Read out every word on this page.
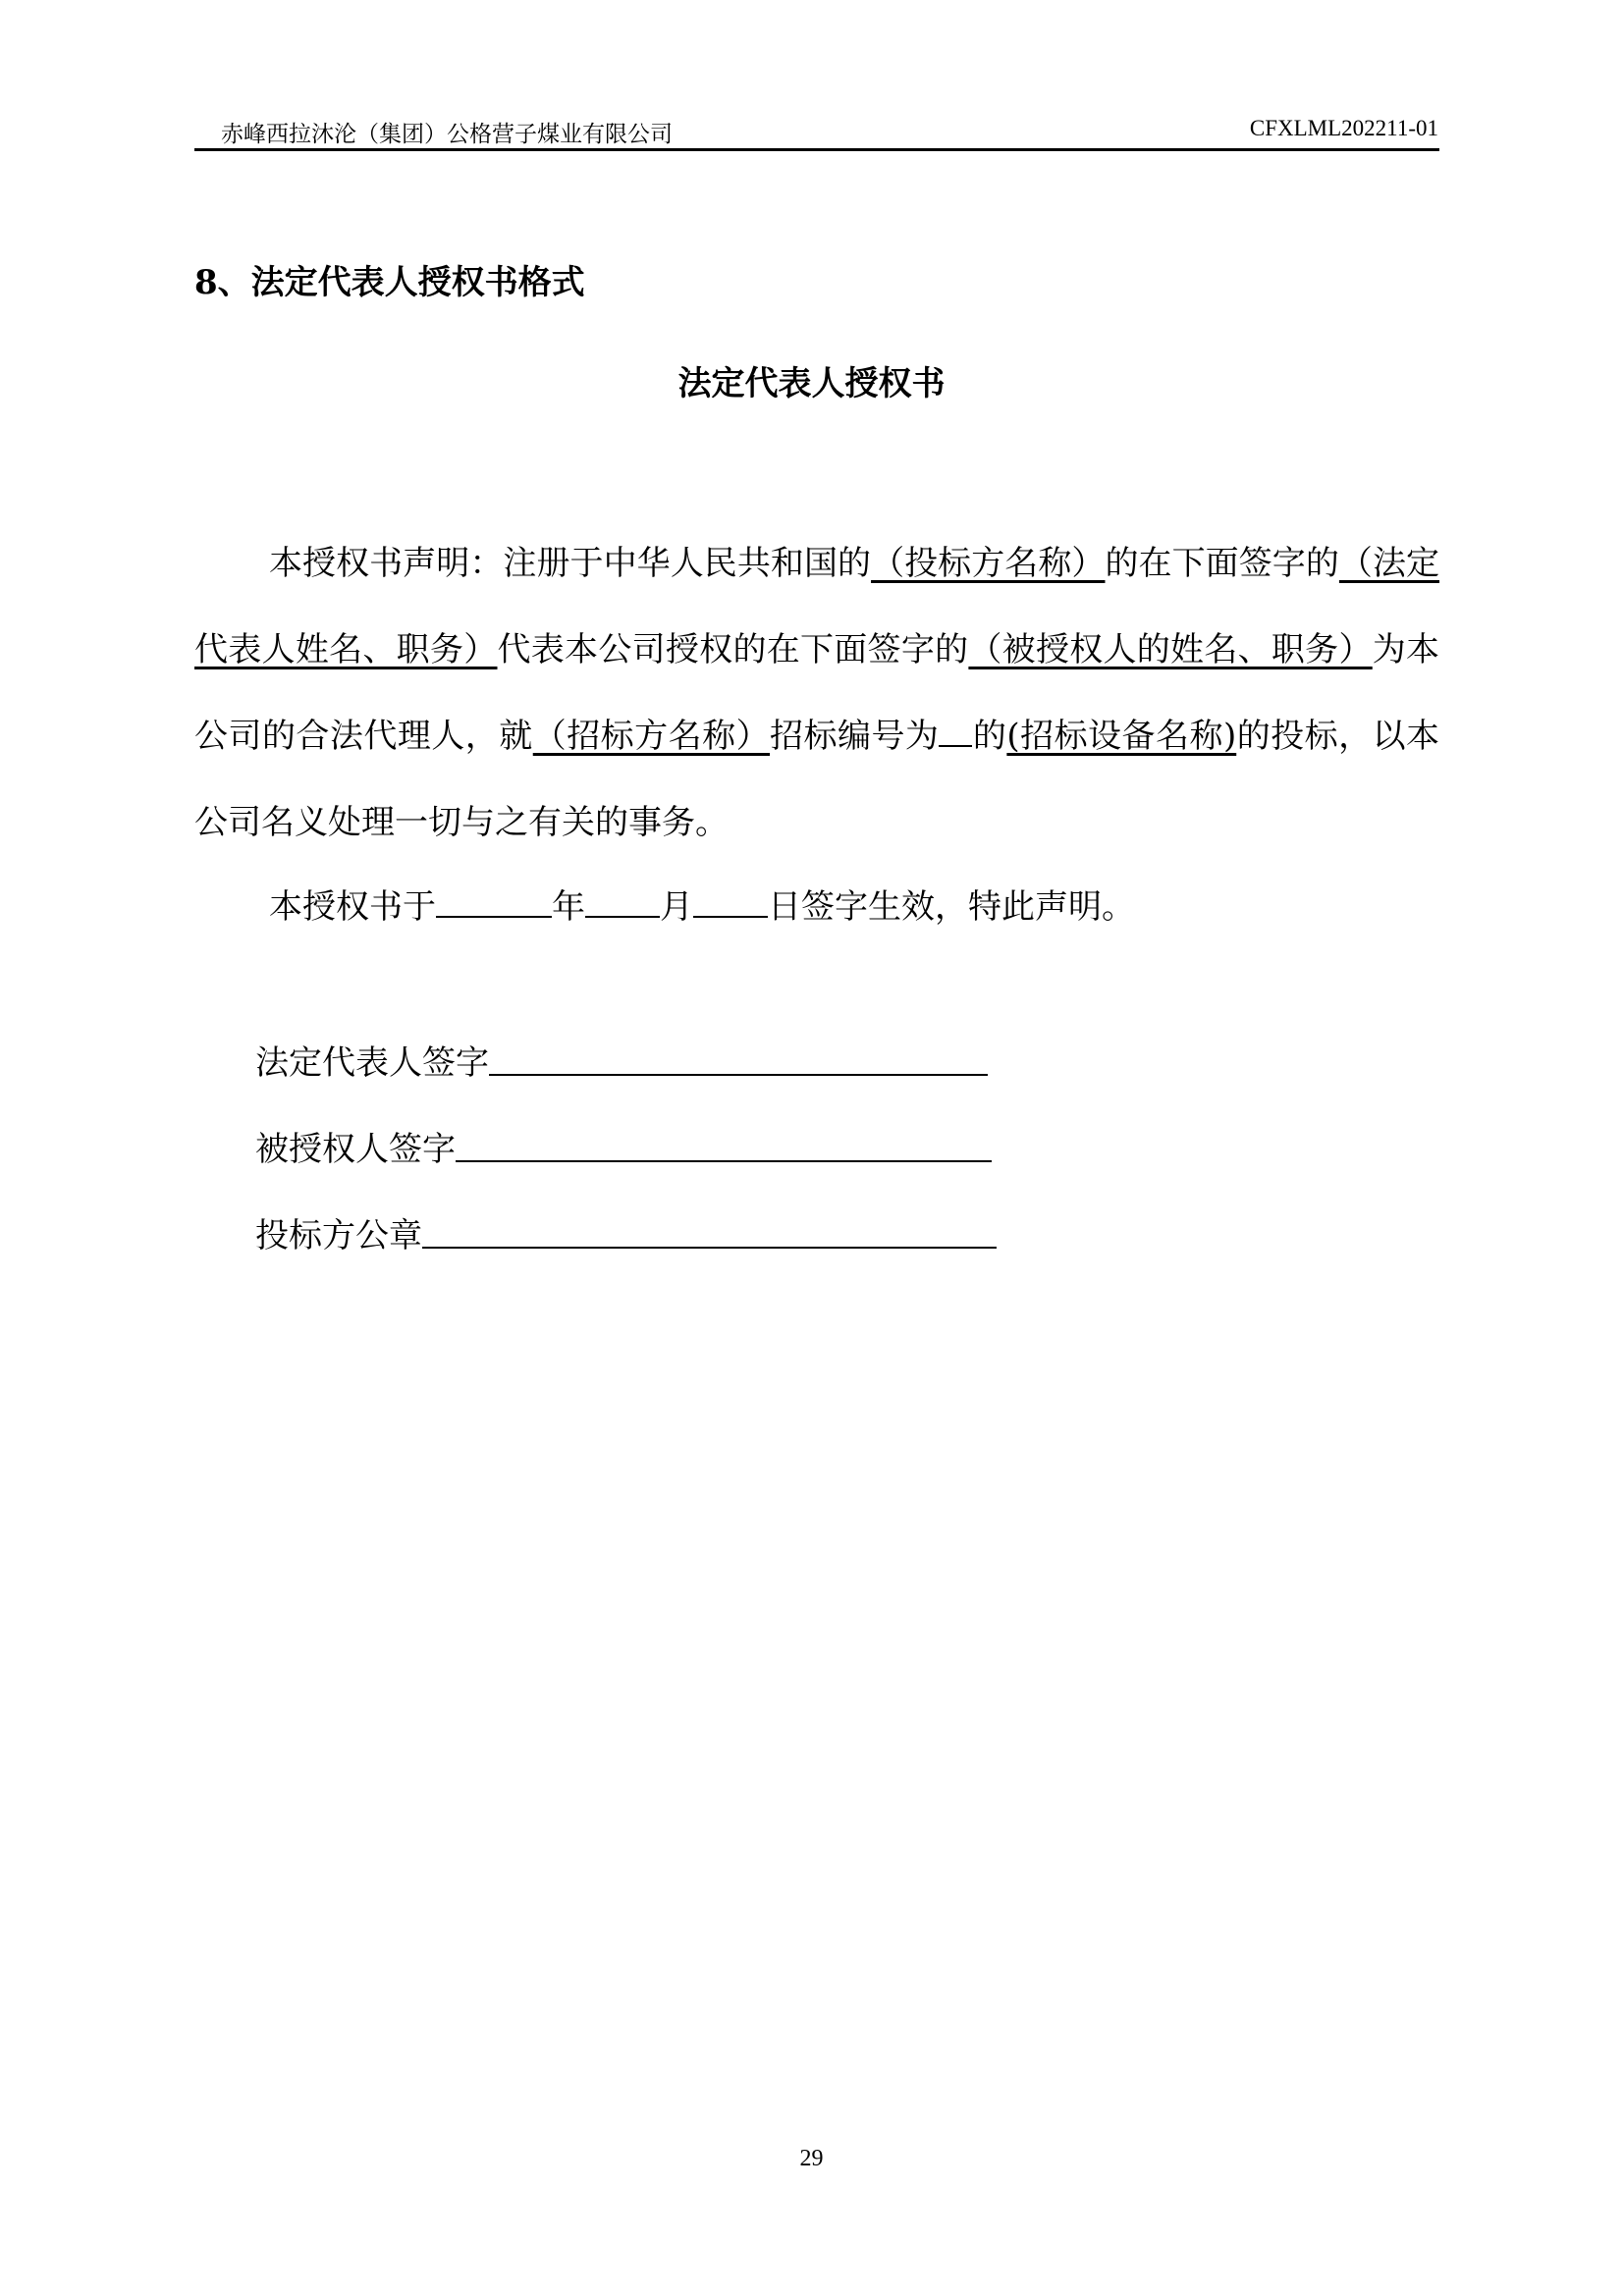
赤峰西拉沐沦（集团）公格营子煤业有限公司	CFXLML202211-01
8、法定代表人授权书格式
法定代表人授权书
本授权书声明：注册于中华人民共和国的（投标方名称）的在下面签字的（法定代表人姓名、职务）代表本公司授权的在下面签字的（被授权人的姓名、职务）为本公司的合法代理人，就（招标方名称）招标编号为 的(招标设备名称)的投标，以本公司名义处理一切与之有关的事务。
本授权书于	年 月 日签字生效，特此声明。
法定代表人签字
被授权人签字
投标方公章
29
